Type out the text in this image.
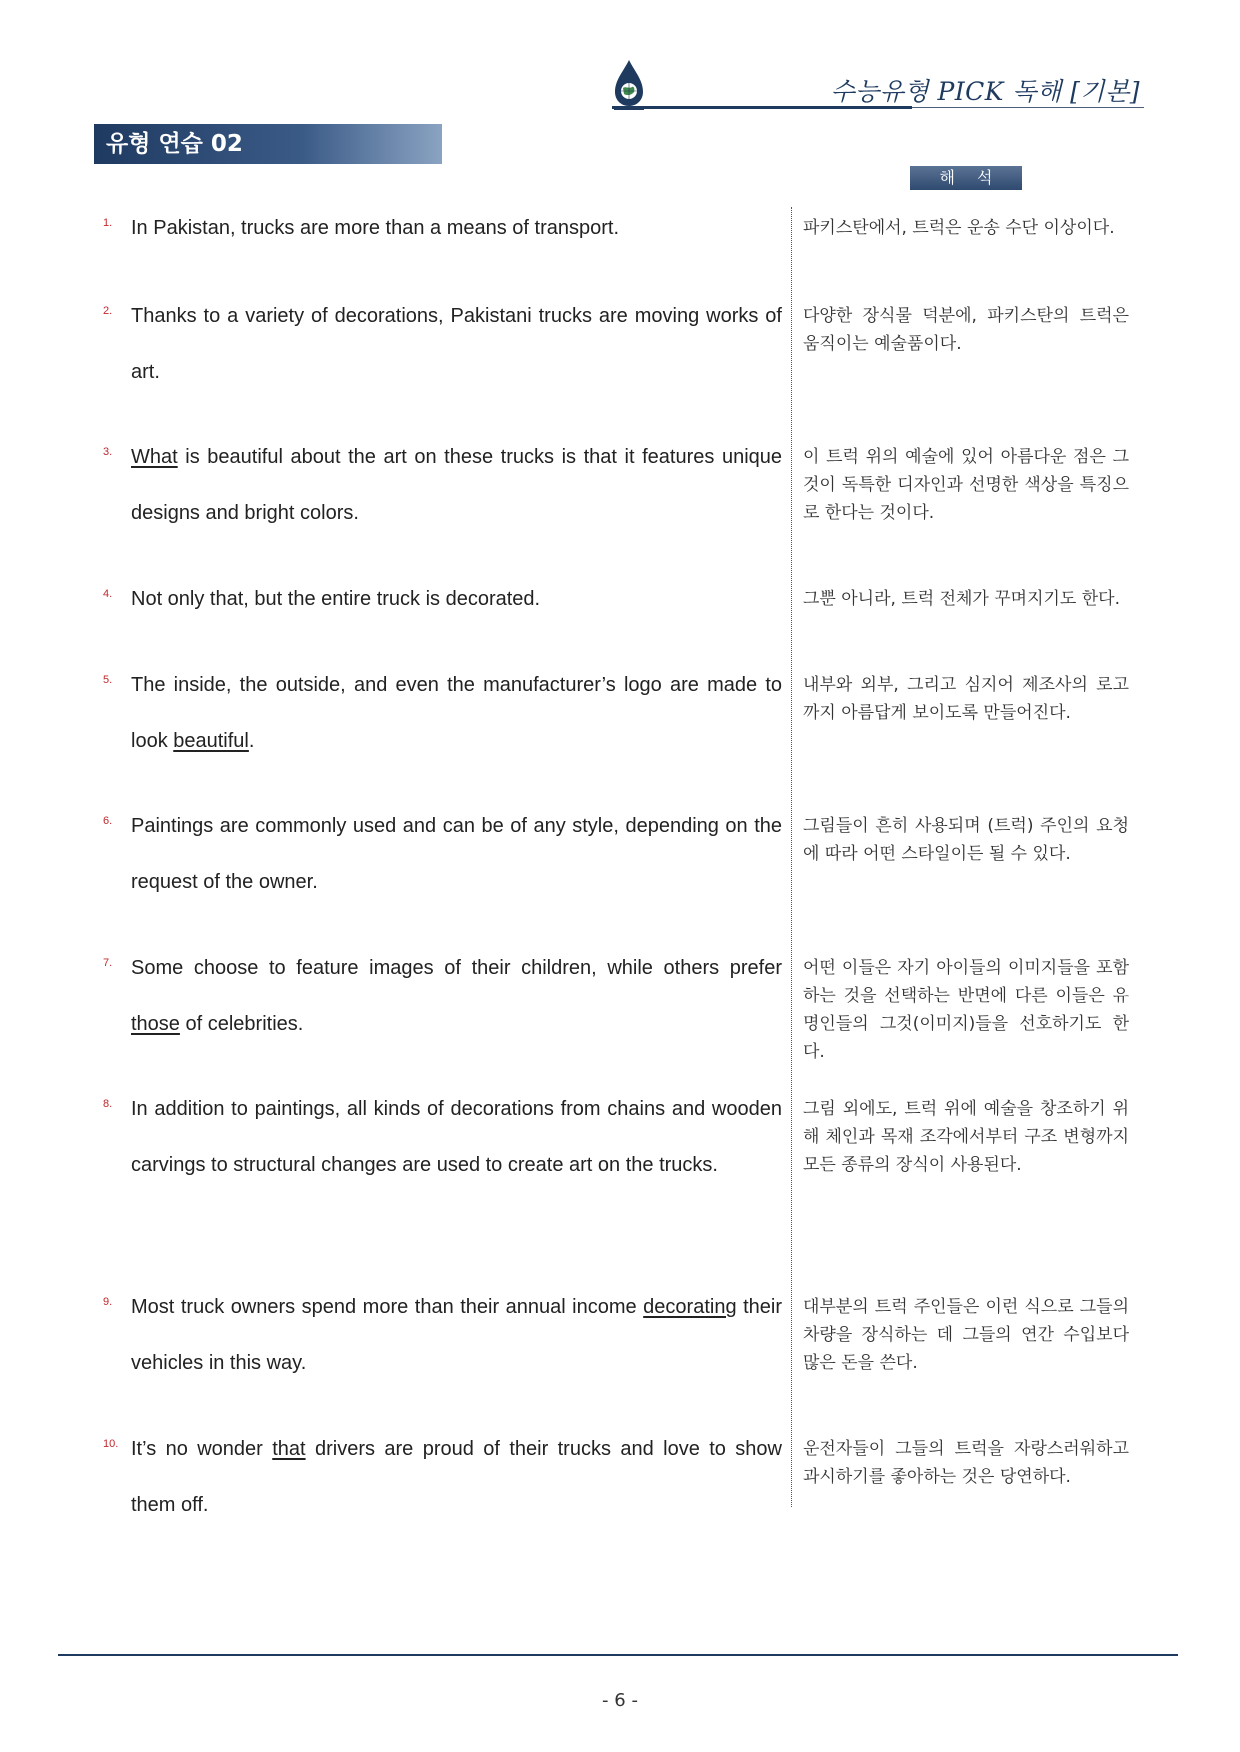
수능유형 PICK 독해 [기본]
유형 연습 02
해석
1. In Pakistan, trucks are more than a means of transport.	파키스탄에서, 트럭은 운송 수단 이상이다.

2. Thanks to a variety of decorations, Pakistani trucks are moving works of art.

다양한 장식물 덕분에, 파키스탄의 트럭은 움직이는 예술품이다.

3. What is beautiful about the art on these trucks is that it features unique designs and bright colors.

이 트럭 위의 예술에 있어 아름다운 점은 그것이 독특한 디자인과 선명한 색상을 특징으로 한다는 것이다.

4. Not only that, but the entire truck is decorated.	그뿐 아니라, 트럭 전체가 꾸며지기도 한다.

5. The inside, the outside, and even the manufacturer’s logo are made to look beautiful.

내부와 외부, 그리고 심지어 제조사의 로고까지 아름답게 보이도록 만들어진다.

6. Paintings are commonly used and can be of any style, depending on the request of the owner.

그림들이 흔히 사용되며 (트럭) 주인의 요청에 따라 어떤 스타일이든 될 수 있다.

7. Some choose to feature images of their children, while others prefer those of celebrities.

어떤 이들은 자기 아이들의 이미지들을 포함하는 것을 선택하는 반면에 다른 이들은 유명인들의 그것(이미지)들을 선호하기도 한다.

8. In addition to paintings, all kinds of decorations from chains and wooden carvings to structural changes are used to create art on the trucks.

그림 외에도, 트럭 위에 예술을 창조하기 위해 체인과 목재 조각에서부터 구조 변형까지 모든 종류의 장식이 사용된다.

9. Most truck owners spend more than their annual income decorating their vehicles in this way.

대부분의 트럭 주인들은 이런 식으로 그들의 차량을 장식하는 데 그들의 연간 수입보다 많은 돈을 쓴다.

10. It’s no wonder that drivers are proud of their trucks and love to show them off.

운전자들이 그들의 트럭을 자랑스러워하고 과시하기를 좋아하는 것은 당연하다.

- 6 -
